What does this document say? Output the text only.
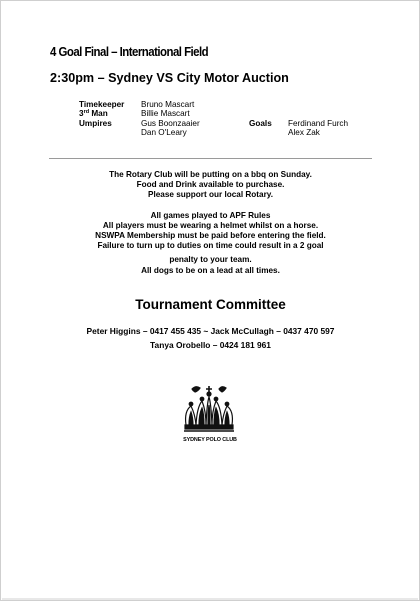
4 Goal Final – International Field
2:30pm – Sydney VS City Motor Auction
Timekeeper	Bruno Mascart
3rd Man	Billie Mascart
Umpires	Gus Boonzaaier	Goals	Ferdinand Furch
Dan O'Leary	Alex Zak
The Rotary Club will be putting on a bbq on Sunday.
Food and Drink available to purchase.
Please support our local Rotary.
All games played to APF Rules
All players must be wearing a helmet whilst on a horse.
NSWPA Membership must be paid before entering the field.
Failure to turn up to duties on time could result in a 2 goal
penalty to your team.
All dogs to be on a lead at all times.
Tournament Committee
Peter Higgins – 0417 455 435 ~ Jack McCullagh – 0437 470 597
Tanya Orobello – 0424 181 961
SYDNEY POLO CLUB
